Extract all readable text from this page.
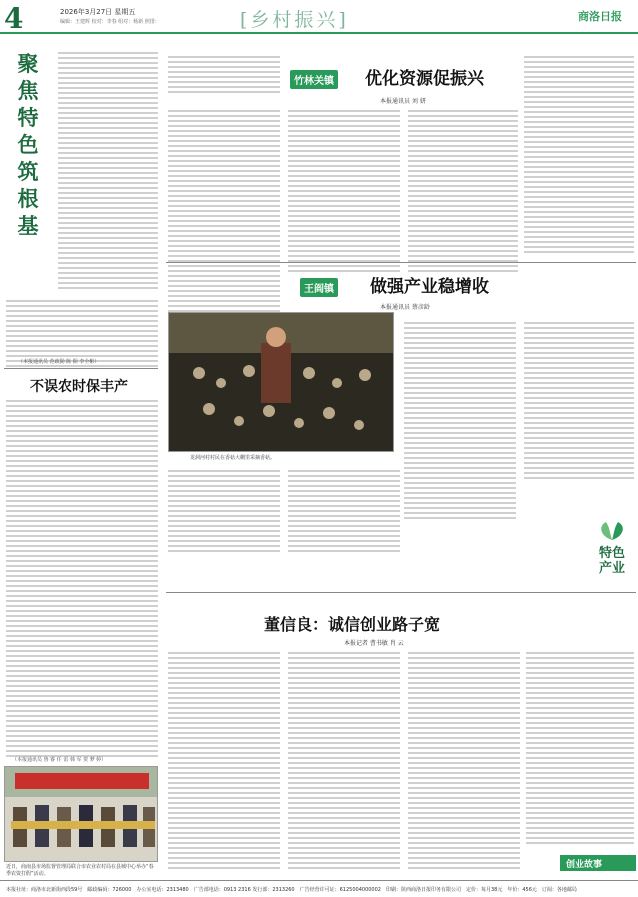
4	2026年3月27日 星期五
编辑：王建辉 校对：李春 组对：杨新 照排：	[乡村振兴]	商洛日报
聚焦特色筑根基
（本报通讯员 范政勋 陈 阳 李全彬）
不误农时保丰产
（本报通讯员 鲁 睿 任 雷 韩 军 贺 梦 婷）
近日，商南县市场监督管理局联合市农业农村局在县城中心举办“春季农资打假”活动。
竹林关镇 优化资源促振兴
本报通讯员 刘 妍
王阎镇 做强产业稳增收
本报通讯员 蔡彦龄
龙洞河村村民在香菇大棚里采摘香菇。
特色
产业
董信良：诚信创业路子宽
本报记者 曹书敏 肖 云
创业故事
本报社址：商洛市北新街西段59号　邮政编码：726000　办公室电话：2313480　广告部电话：0913 2316 发行部：2313260　广告经营许可证：6125004000002　印刷：陕西商洛日报印务有限公司　定价：每月38元　年价：456元　订阅：各地邮局
